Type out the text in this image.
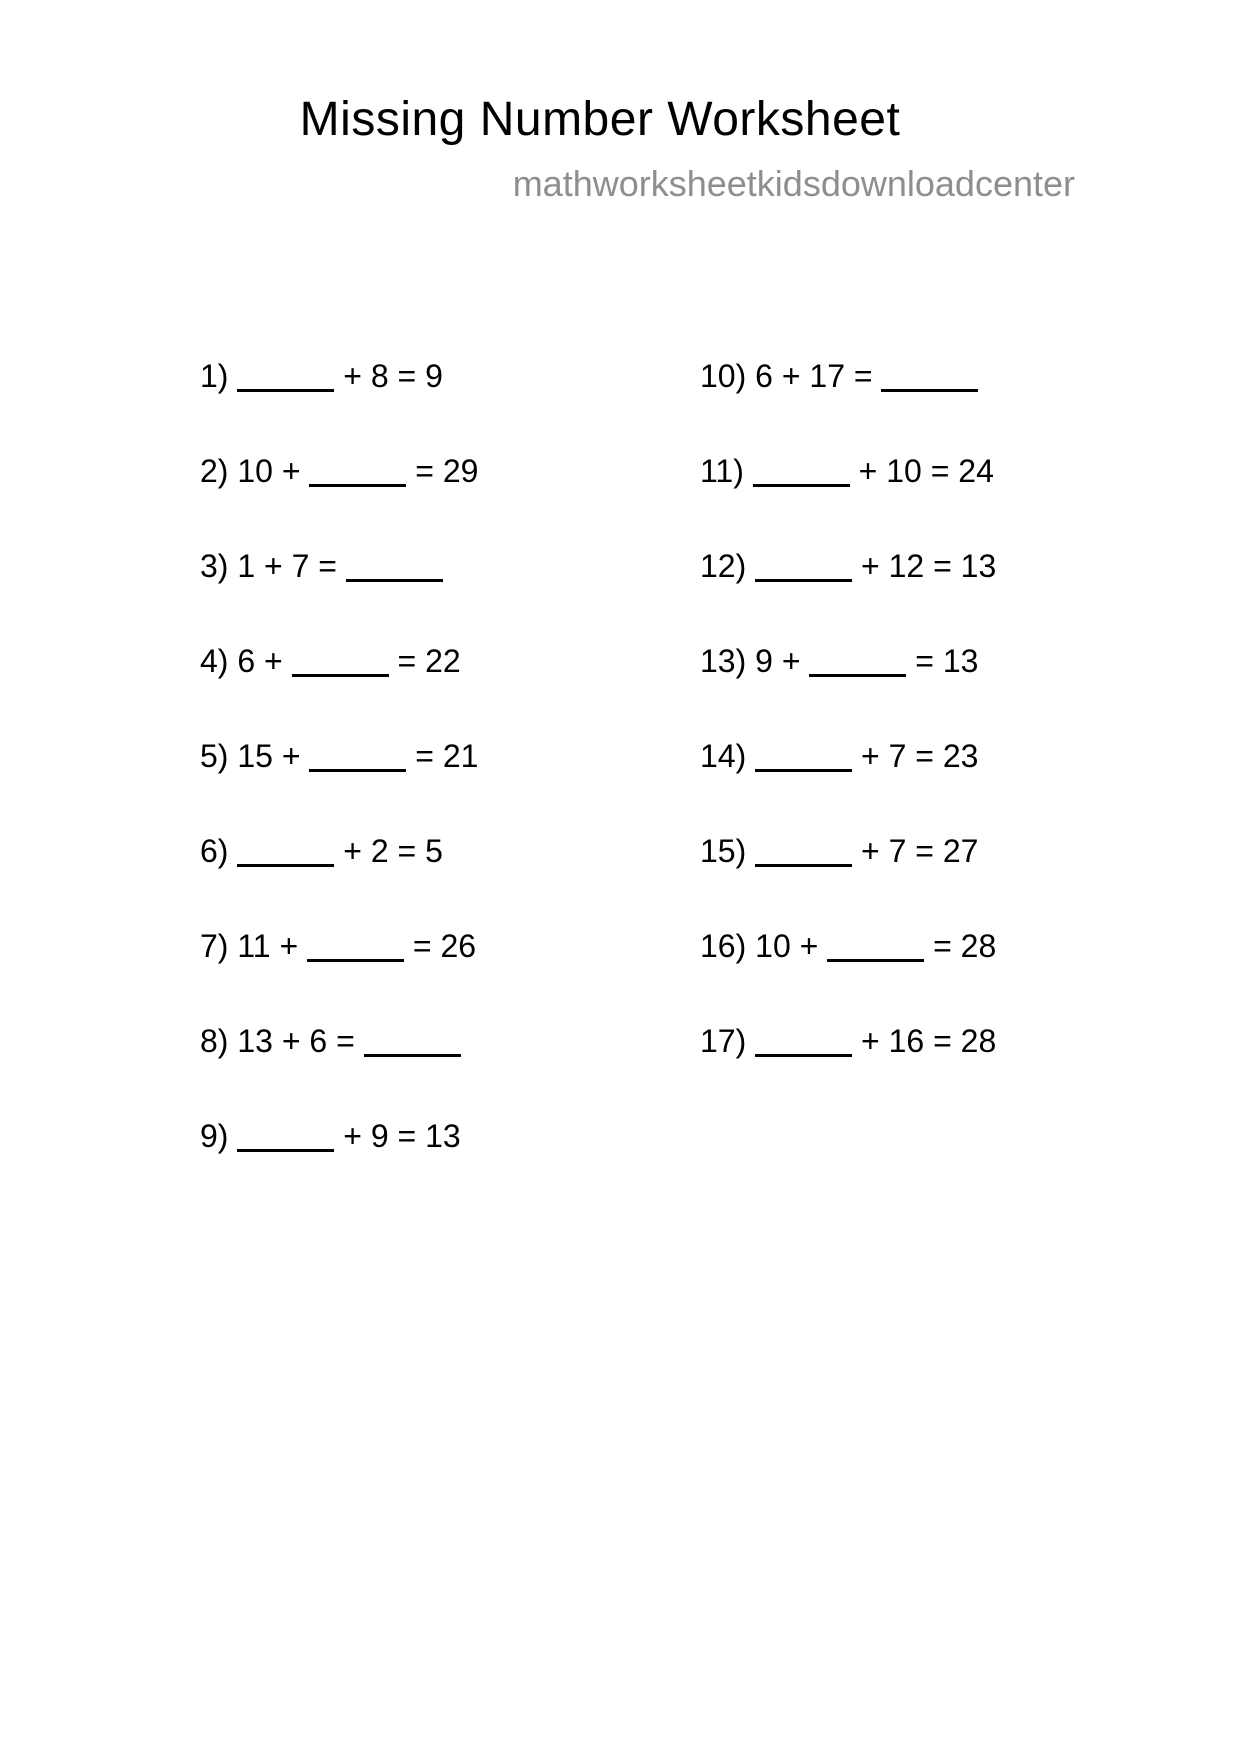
Missing Number Worksheet
mathworksheetkidsdownloadcenter
1)	+ 8 = 9
2) 10 +	= 29
3) 1 + 7 =
4) 6 +	= 22
5) 15 +	= 21
6)	+ 2 = 5
7) 11 +	= 26
8) 13 + 6 =
9)	+ 9 = 13
10) 6 + 17 =
11)	+ 10 = 24
12)	+ 12 = 13
13) 9 +	= 13
14)	+ 7 = 23
15)	+ 7 = 27
16) 10 +	= 28
17)	+ 16 = 28
